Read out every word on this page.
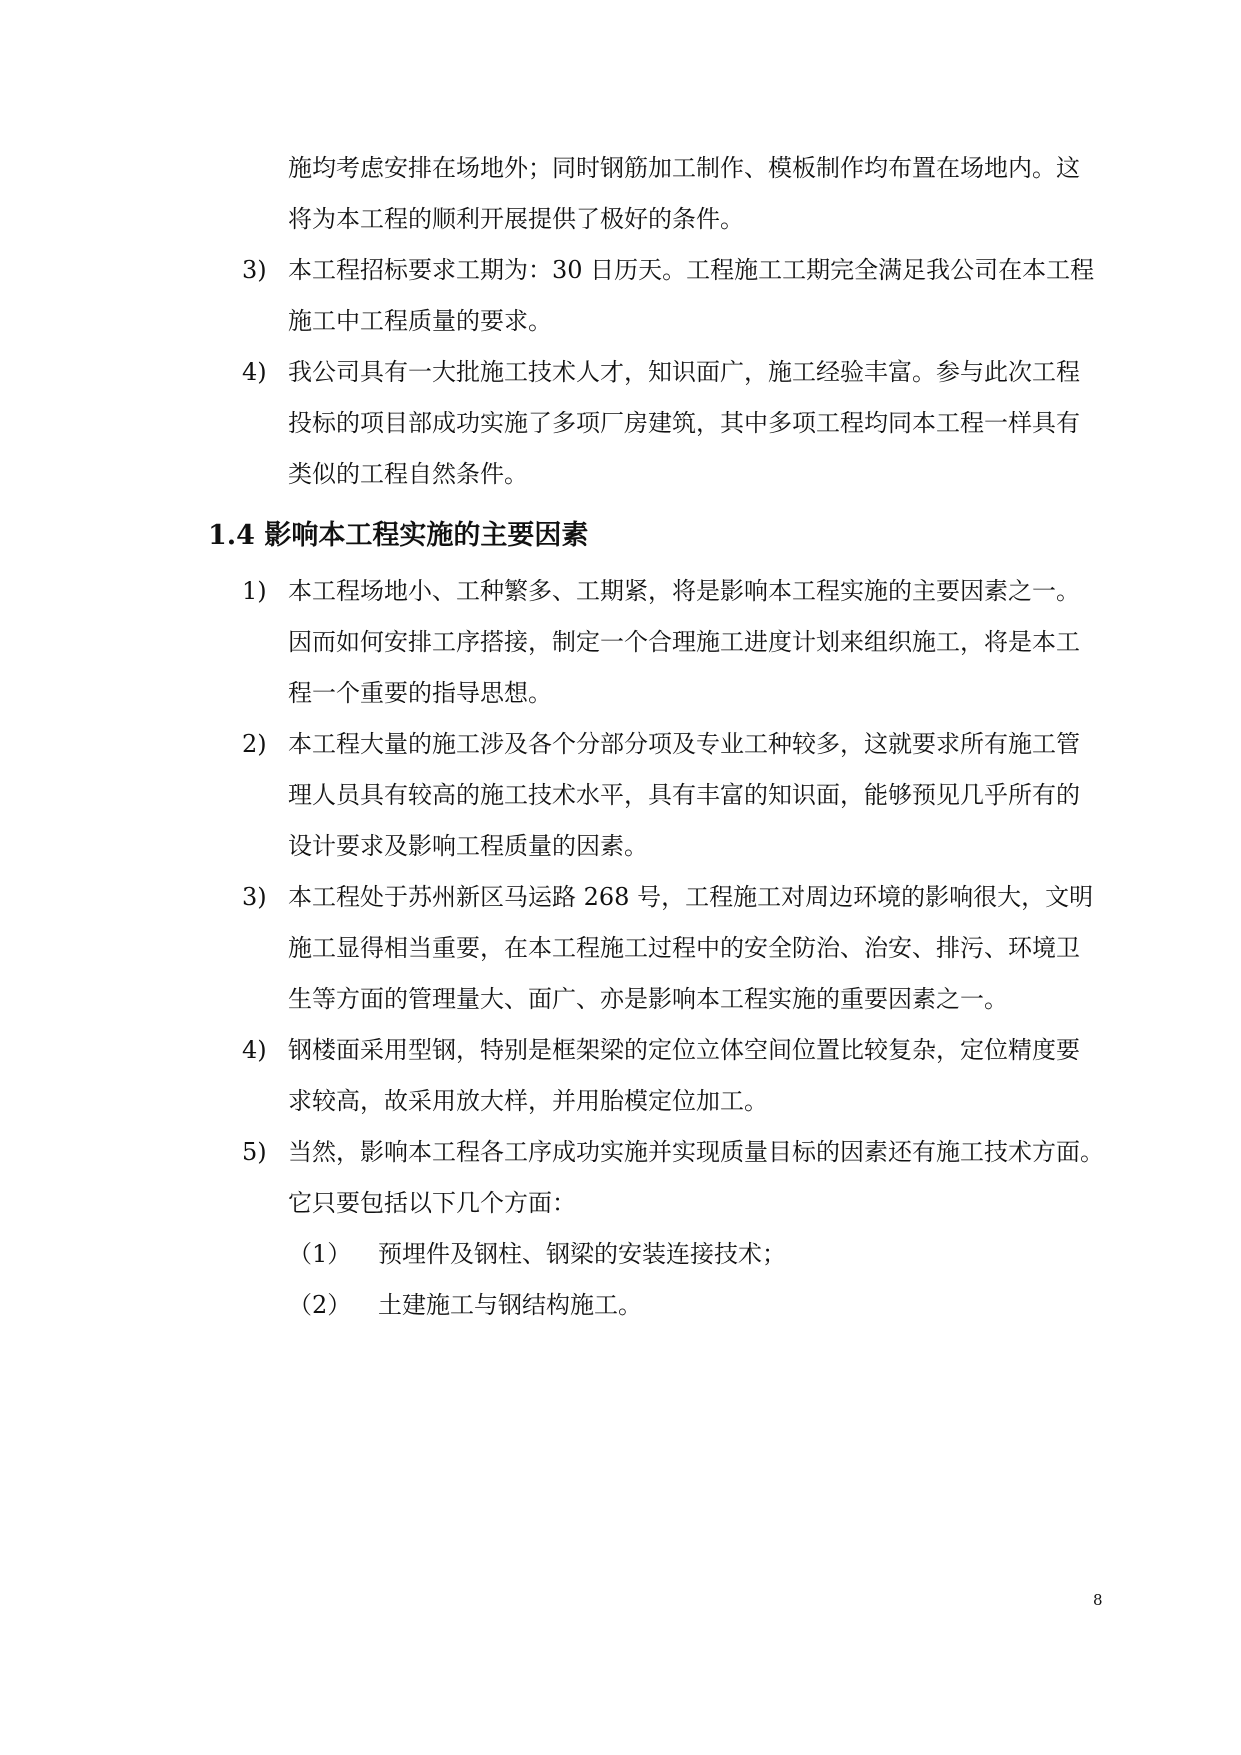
施均考虑安排在场地外；同时钢筋加工制作、模板制作均布置在场地内。这
将为本工程的顺利开展提供了极好的条件。
3) 本工程招标要求工期为：30 日历天。工程施工工期完全满足我公司在本工程
施工中工程质量的要求。
4) 我公司具有一大批施工技术人才，知识面广，施工经验丰富。参与此次工程
投标的项目部成功实施了多项厂房建筑，其中多项工程均同本工程一样具有
类似的工程自然条件。
1.4 影响本工程实施的主要因素
1) 本工程场地小、工种繁多、工期紧，将是影响本工程实施的主要因素之一。
因而如何安排工序搭接，制定一个合理施工进度计划来组织施工，将是本工
程一个重要的指导思想。
2) 本工程大量的施工涉及各个分部分项及专业工种较多，这就要求所有施工管
理人员具有较高的施工技术水平，具有丰富的知识面，能够预见几乎所有的
设计要求及影响工程质量的因素。
3) 本工程处于苏州新区马运路 268 号，工程施工对周边环境的影响很大，文明
施工显得相当重要，在本工程施工过程中的安全防治、治安、排污、环境卫
生等方面的管理量大、面广、亦是影响本工程实施的重要因素之一。
4) 钢楼面采用型钢，特别是框架梁的定位立体空间位置比较复杂，定位精度要
求较高，故采用放大样，并用胎模定位加工。
5) 当然，影响本工程各工序成功实施并实现质量目标的因素还有施工技术方面。
它只要包括以下几个方面：
（1） 预埋件及钢柱、钢梁的安装连接技术；
（2） 土建施工与钢结构施工。
8
